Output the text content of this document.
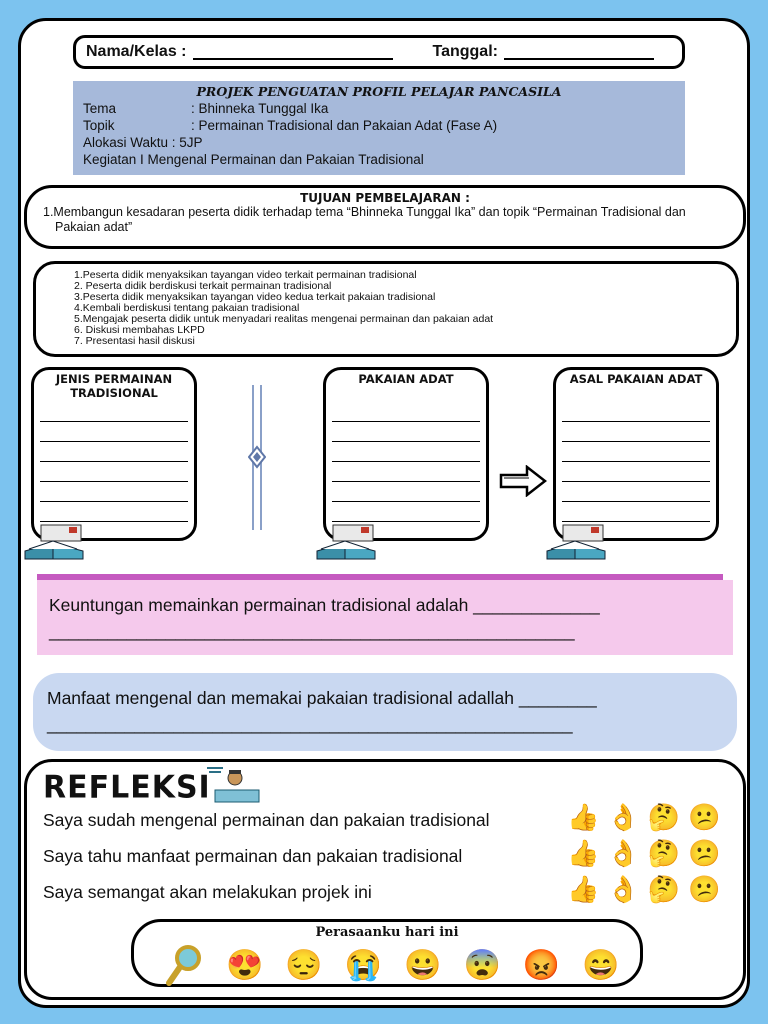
Nama/Kelas :	Tanggal:
PROJEK PENGUATAN PROFIL PELAJAR PANCASILA
Tema	: Bhinneka Tunggal Ika
Topik	: Permainan Tradisional dan Pakaian Adat (Fase A)
Alokasi Waktu : 5JP
Kegiatan I Mengenal Permainan dan Pakaian Tradisional
TUJUAN PEMBELAJARAN :

1.Membangun kesadaran peserta didik terhadap tema “Bhinneka Tunggal Ika” dan topik “Permainan Tradisional dan Pakaian adat”

1.Peserta didik menyaksikan tayangan video terkait permainan tradisional
2. Peserta didik berdiskusi terkait permainan tradisional
3.Peserta didik menyaksikan tayangan video kedua terkait pakaian tradisional
4.Kembali berdiskusi tentang pakaian tradisional
5.Mengajak peserta didik untuk menyadari realitas mengenai permainan dan pakaian adat
6. Diskusi membahas LKPD
7. Presentasi hasil diskusi
JENIS PERMAINAN TRADISIONAL
PAKAIAN ADAT	ASAL PAKAIAN ADAT
Keuntungan memainkan permainan tradisional adalah _____________
______________________________________________________
Manfaat mengenal dan memakai pakaian tradisional adallah ________
______________________________________________________
REFLEKSI
Saya sudah mengenal permainan dan pakaian tradisional	👍 👌 🤔 😕
Saya tahu manfaat permainan dan pakaian tradisional	👍 👌 🤔 😕
Saya semangat akan melakukan projek ini	👍 👌 🤔 😕
Perasaanku hari ini
😍 😔 😭 😀 😨 😡 😄
